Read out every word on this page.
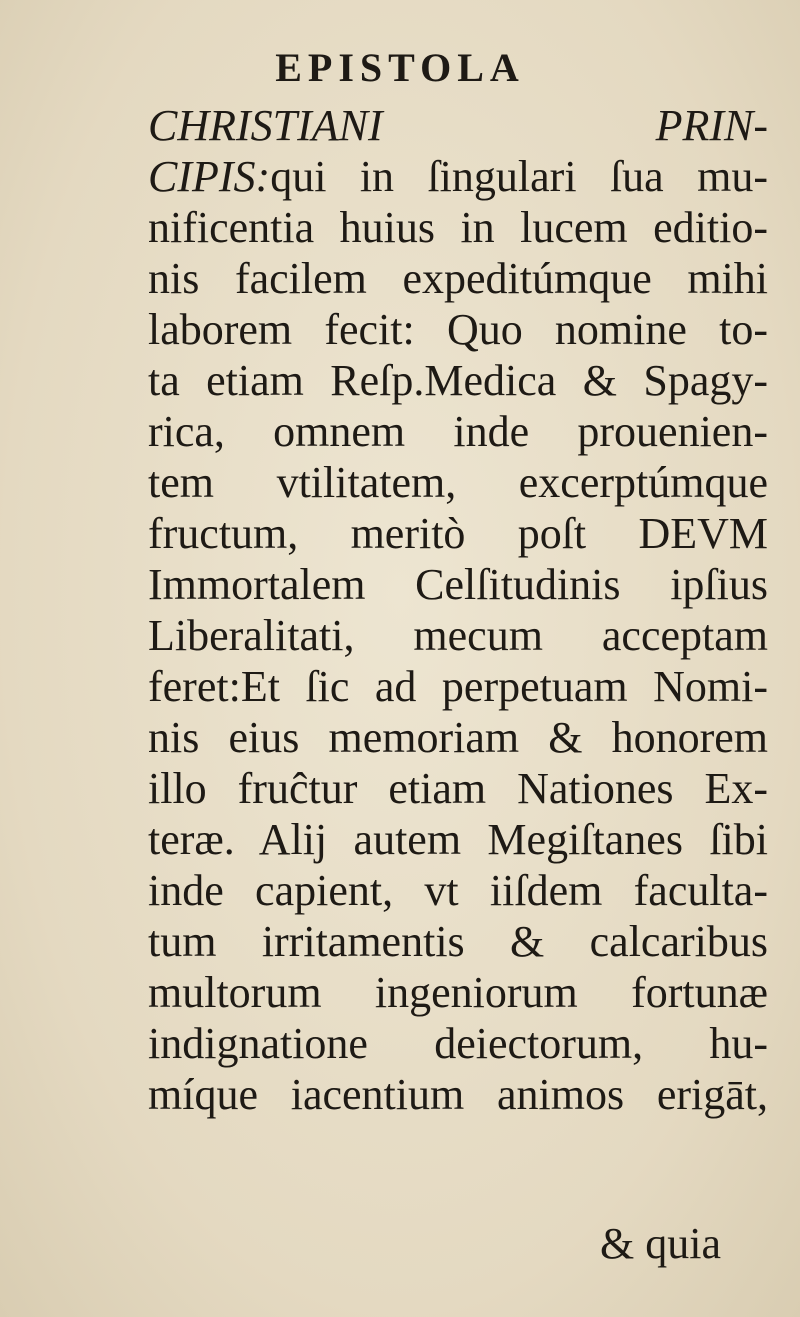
EPISTOLA
CHRISTIANI PRIN-
CIPIS:qui in ſingulari ſua mu-
nificentia huius in lucem editio-
nis facilem expeditúmque mihi
laborem fecit: Quo nomine to-
ta etiam Reſp.Medica & Spagy-
rica, omnem inde prouenien-
tem vtilitatem, excerptúmque
fructum, meritò poſt DEVM
Immortalem Celſitudinis ipſius
Liberalitati, mecum acceptam
feret:Et ſic ad perpetuam Nomi-
nis eius memoriam & honorem
illo fruĉtur etiam Nationes Ex-
teræ. Alij autem Megiſtanes ſibi
inde capient, vt iiſdem faculta-
tum irritamentis & calcaribus
multorum ingeniorum fortunæ
indignatione deiectorum, hu-
míque iacentium animos erigāt,
& quia
